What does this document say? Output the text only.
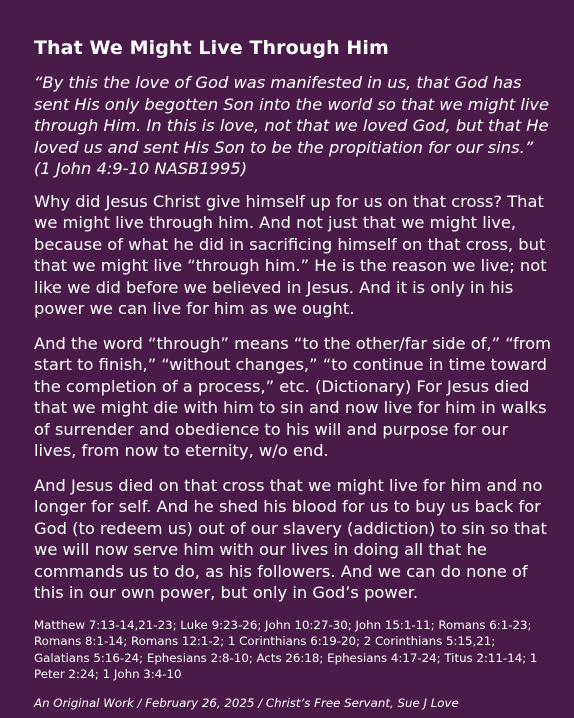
That We Might Live Through Him

“By this the love of God was manifested in us, that God has sent His only begotten Son into the world so that we might live through Him. In this is love, not that we loved God, but that He loved us and sent His Son to be the propitiation for our sins.” (1 John 4:9-10 NASB1995)

Why did Jesus Christ give himself up for us on that cross? That we might live through him. And not just that we might live, because of what he did in sacrificing himself on that cross, but that we might live “through him.” He is the reason we live; not like we did before we believed in Jesus. And it is only in his power we can live for him as we ought.

And the word “through” means “to the other/far side of,” “from start to finish,” “without changes,” “to continue in time toward the completion of a process,” etc. (Dictionary) For Jesus died that we might die with him to sin and now live for him in walks of surrender and obedience to his will and purpose for our lives, from now to eternity, w/o end.

And Jesus died on that cross that we might live for him and no longer for self. And he shed his blood for us to buy us back for God (to redeem us) out of our slavery (addiction) to sin so that we will now serve him with our lives in doing all that he commands us to do, as his followers. And we can do none of this in our own power, but only in God’s power.

Matthew 7:13-14,21-23; Luke 9:23-26; John 10:27-30; John 15:1-11; Romans 6:1-23; Romans 8:1-14; Romans 12:1-2; 1 Corinthians 6:19-20; 2 Corinthians 5:15,21; Galatians 5:16-24; Ephesians 2:8-10; Acts 26:18; Ephesians 4:17-24; Titus 2:11-14; 1 Peter 2:24; 1 John 3:4-10

An Original Work / February 26, 2025 / Christ’s Free Servant, Sue J Love
